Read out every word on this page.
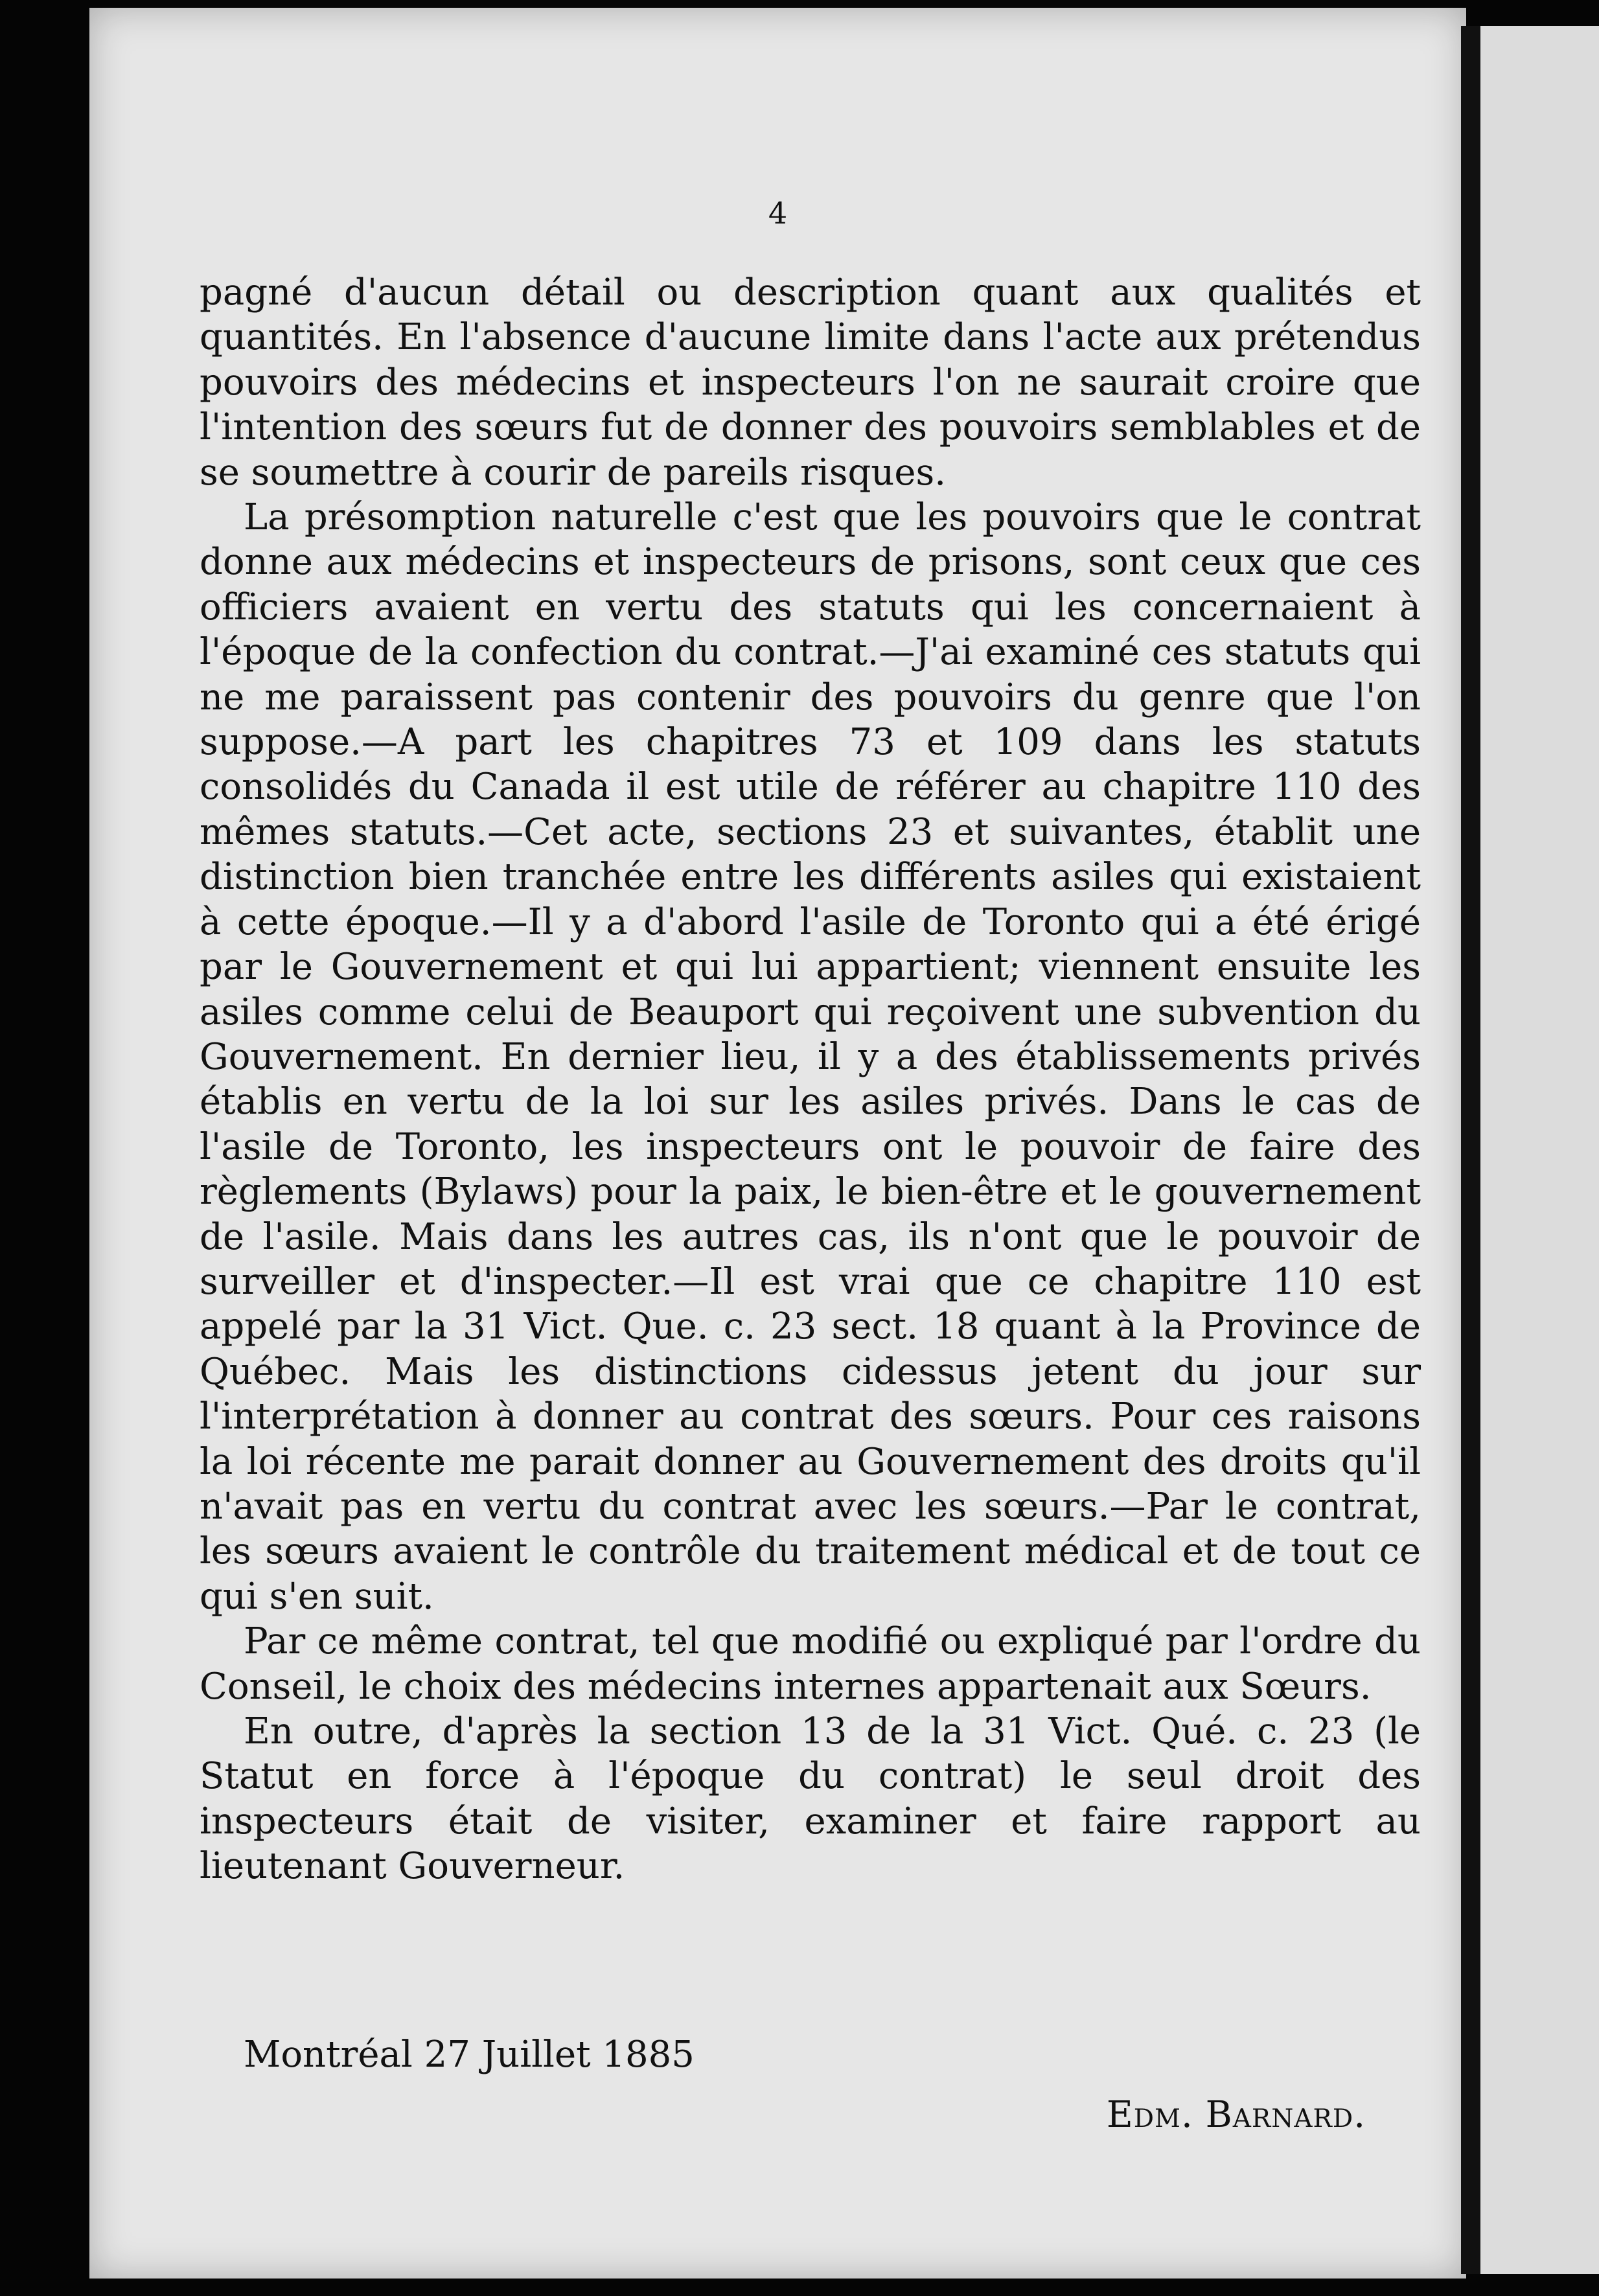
4

pagné d'aucun détail ou description quant aux qualités et quantités. En l'absence d'aucune limite dans l'acte aux prétendus pouvoirs des médecins et inspecteurs l'on ne saurait croire que l'intention des sœurs fut de donner des pouvoirs semblables et de se soumettre à courir de pareils risques.

La présomption naturelle c'est que les pouvoirs que le contrat donne aux médecins et inspecteurs de prisons, sont ceux que ces officiers avaient en vertu des statuts qui les concernaient à l'époque de la confection du contrat.—J'ai examiné ces statuts qui ne me paraissent pas contenir des pouvoirs du genre que l'on suppose.—A part les chapitres 73 et 109 dans les statuts consolidés du Canada il est utile de référer au chapitre 110 des mêmes statuts.—Cet acte, sections 23 et suivantes, établit une distinction bien tranchée entre les différents asiles qui existaient à cette époque.—Il y a d'abord l'asile de Toronto qui a été érigé par le Gouvernement et qui lui appartient; viennent ensuite les asiles comme celui de Beauport qui reçoivent une subvention du Gouvernement. En dernier lieu, il y a des établissements privés établis en vertu de la loi sur les asiles privés. Dans le cas de l'asile de Toronto, les inspecteurs ont le pouvoir de faire des règlements (Bylaws) pour la paix, le bien-être et le gouvernement de l'asile. Mais dans les autres cas, ils n'ont que le pouvoir de surveiller et d'inspecter.—Il est vrai que ce chapitre 110 est appelé par la 31 Vict. Que. c. 23 sect. 18 quant à la Province de Québec. Mais les distinctions cidessus jetent du jour sur l'interprétation à donner au contrat des sœurs. Pour ces raisons la loi récente me parait donner au Gouvernement des droits qu'il n'avait pas en vertu du contrat avec les sœurs.—Par le contrat, les sœurs avaient le contrôle du traitement médical et de tout ce qui s'en suit.

Par ce même contrat, tel que modifié ou expliqué par l'ordre du Conseil, le choix des médecins internes appartenait aux Sœurs.

En outre, d'après la section 13 de la 31 Vict. Qué. c. 23 (le Statut en force à l'époque du contrat) le seul droit des inspecteurs était de visiter, examiner et faire rapport au lieutenant Gouverneur.

Montréal 27 Juillet 1885
Edm. Barnard.
